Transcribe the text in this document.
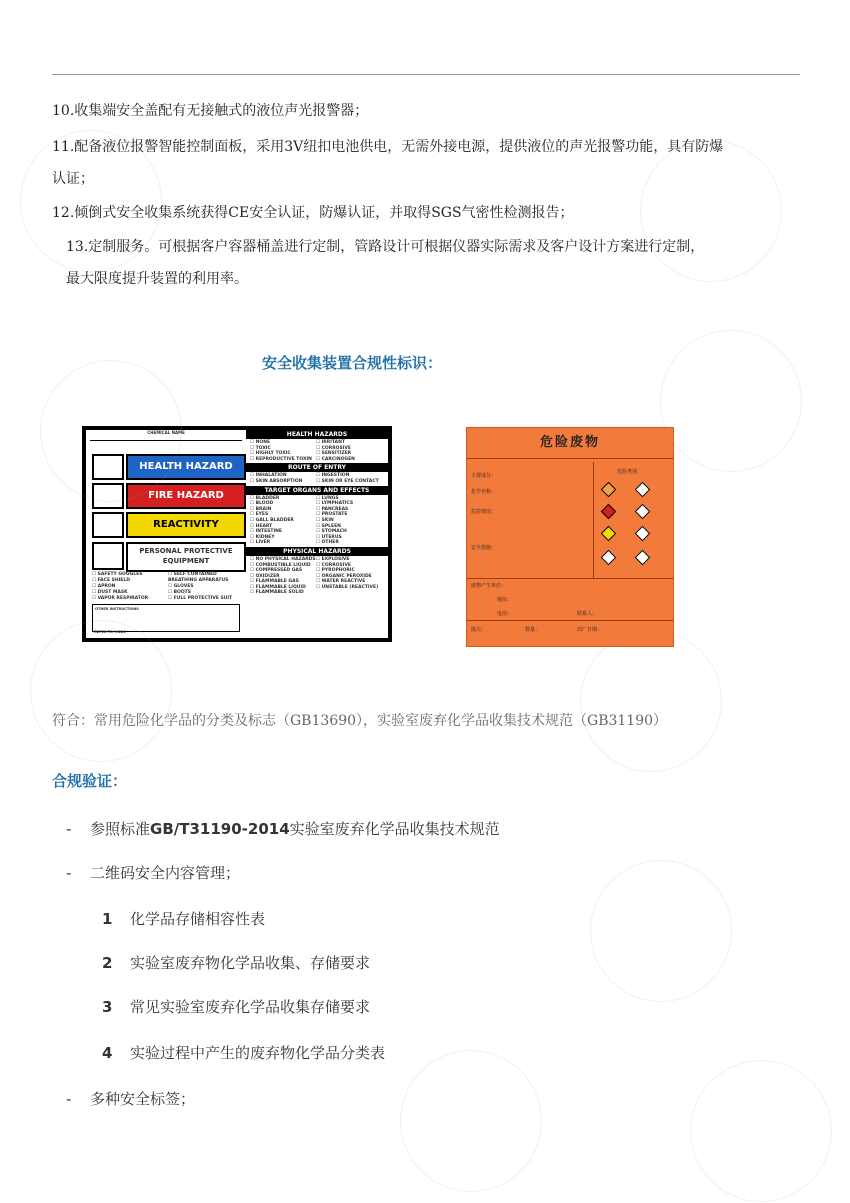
10.收集端安全盖配有无接触式的液位声光报警器；
11.配备液位报警智能控制面板，采用3V纽扣电池供电，无需外接电源，提供液位的声光报警功能，具有防爆
认证；
12.倾倒式安全收集系统获得CE安全认证，防爆认证，并取得SGS气密性检测报告；
13.定制服务。可根据客户容器桶盖进行定制，管路设计可根据仪器实际需求及客户设计方案进行定制，
最大限度提升装置的利用率。
安全收集装置合规性标识：
CHEMICAL NAME
HEALTH HAZARD
FIRE HAZARD
REACTIVITY
PERSONAL PROTECTIVE EQUIPMENT
☐ SAFETY GOGGLES	☐ SELF CONTAINED ☐ FACE SHIELD	BREATHING APPARATUS ☐ APRON	☐ GLOVES ☐ DUST MASK	☐ BOOTS ☐ VAPOR RESPIRATOR	☐ FULL PROTECTIVE SUIT
OTHER INSTRUCTIONS
REFER TO MSDS
HEALTH HAZARDS
☐ NONE	☐ IRRITANT ☐ TOXIC	☐ CORROSIVE ☐ HIGHLY TOXIC	☐ SENSITIZER ☐ REPRODUCTIVE TOXIN ☐ CARCINOGEN
ROUTE OF ENTRY
☐ INHALATION	☐ INGESTION ☐ SKIN ABSORPTION	☐ SKIN OR EYE CONTACT
TARGET ORGANS AND EFFECTS
☐ BLADDER	☐ LUNGS ☐ BLOOD	☐ LYMPHATICS ☐ BRAIN	☐ PANCREAS ☐ EYES	☐ PROSTATE ☐ GALL BLADDER	☐ SKIN ☐ HEART	☐ SPLEEN ☐ INTESTINE	☐ STOMACH ☐ KIDNEY	☐ UTERUS ☐ LIVER	☐ OTHER
PHYSICAL HAZARDS
☐ NO PHYSICAL HAZARDS☐ EXPLOSIVE ☐ COMBUSTIBLE LIQUID ☐ CORROSIVE ☐ COMPRESSED GAS	☐ PYROPHORIC ☐ OXIDIZER	☐ ORGANIC PEROXIDE ☐ FLAMMABLE GAS	☐ WATER REACTIVE ☐ FLAMMABLE LIQUID ☐ UNSTABLE (REACTIVE) ☐ FLAMMABLE SOLID
危险废物
主要成分：
化学名称：
危险情况：
安全措施：
危险类别
废物产生单位：
地址：
电话：	联系人：
批次：	数量：	出厂日期：
符合：常用危险化学品的分类及标志（GB13690），实验室废弃化学品收集技术规范（GB31190）
合规验证：
- 参照标准GB/T31190-2014实验室废弃化学品收集技术规范
- 二维码安全内容管理；
1 化学品存储相容性表
2 实验室废弃物化学品收集、存储要求
3 常见实验室废弃化学品收集存储要求
4 实验过程中产生的废弃物化学品分类表
- 多种安全标签；
